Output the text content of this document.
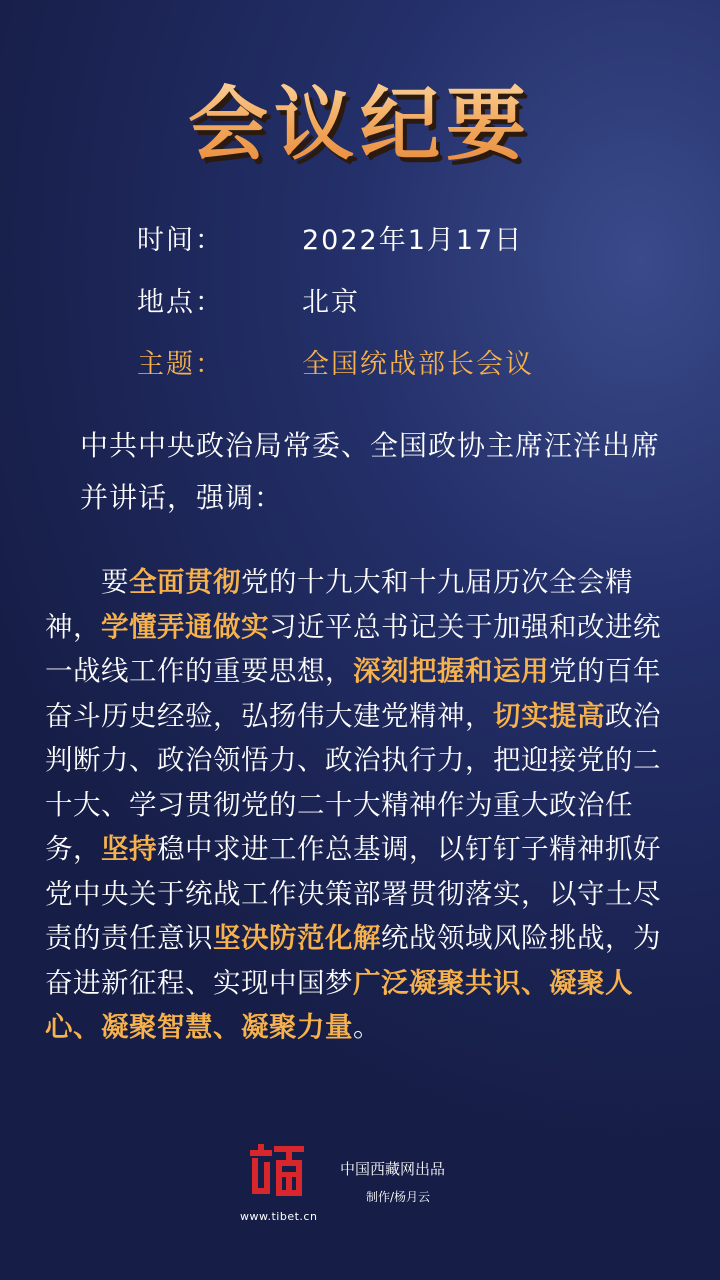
会议纪要
时间：	2022年1月17日
地点：	北京
主题：	全国统战部长会议
中共中央政治局常委、全国政协主席汪洋出席并讲话，强调：
要全面贯彻党的十九大和十九届历次全会精神，学懂弄通做实习近平总书记关于加强和改进统一战线工作的重要思想，深刻把握和运用党的百年奋斗历史经验，弘扬伟大建党精神，切实提高政治判断力、政治领悟力、政治执行力，把迎接党的二十大、学习贯彻党的二十大精神作为重大政治任务，坚持稳中求进工作总基调，以钉钉子精神抓好党中央关于统战工作决策部署贯彻落实，以守土尽责的责任意识坚决防范化解统战领域风险挑战，为奋进新征程、实现中国梦广泛凝聚共识、凝聚人心、凝聚智慧、凝聚力量。
www.tibet.cn
中国西藏网出品
制作/杨月云
